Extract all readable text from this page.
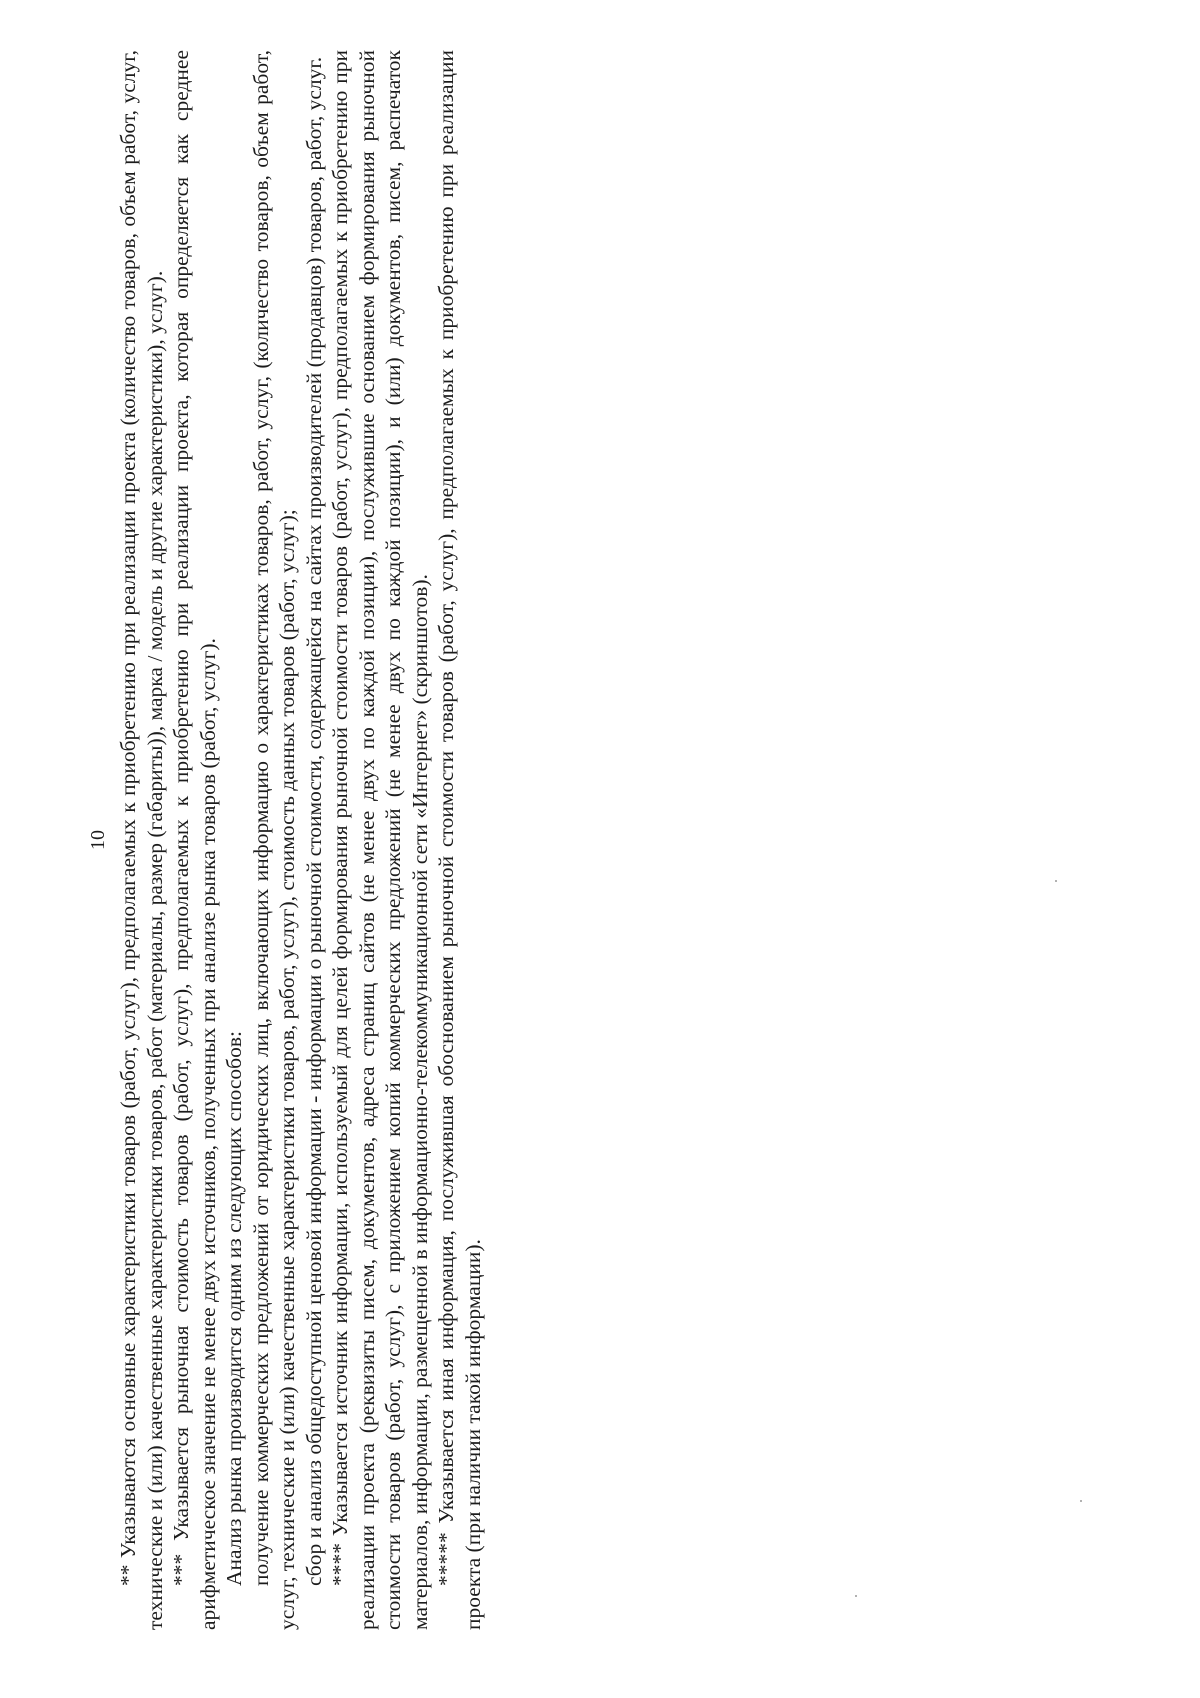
10 ** Указываются основные характеристики товаров (работ, услуг), предполагаемых к приобретению при реализации проекта (количество товаров, объем работ, услуг, технические и (или) качественные характеристики товаров, работ (материалы, размер (габариты)), марка / модель и другие характеристики), услуг). *** Указывается рыночная стоимость товаров (работ, услуг), предполагаемых к приобретению при реализации проекта, которая определяется как среднее арифметическое значение не менее двух источников, полученных при анализе рынка товаров (работ, услуг). Анализ рынка производится одним из следующих способов: получение коммерческих предложений от юридических лиц, включающих информацию о характеристиках товаров, работ, услуг, (количество товаров, объем работ, услуг, технические и (или) качественные характеристики товаров, работ, услуг), стоимость данных товаров (работ, услуг); сбор и анализ общедоступной ценовой информации - информации о рыночной стоимости, содержащейся на сайтах производителей (продавцов) товаров, работ, услуг. **** Указывается источник информации, используемый для целей формирования рыночной стоимости товаров (работ, услуг), предполагаемых к приобретению при реализации проекта (реквизиты писем, документов, адреса страниц сайтов (не менее двух по каждой позиции), послужившие основанием формирования рыночной стоимости товаров (работ, услуг), с приложением копий коммерческих предложений (не менее двух по каждой позиции), и (или) документов, писем, распечаток материалов, информации, размещенной в информационно-телекоммуникационной сети «Интернет» (скриншотов). ***** Указывается иная информация, послужившая обоснованием рыночной стоимости товаров (работ, услуг), предполагаемых к приобретению при реализации проекта (при наличии такой информации).
